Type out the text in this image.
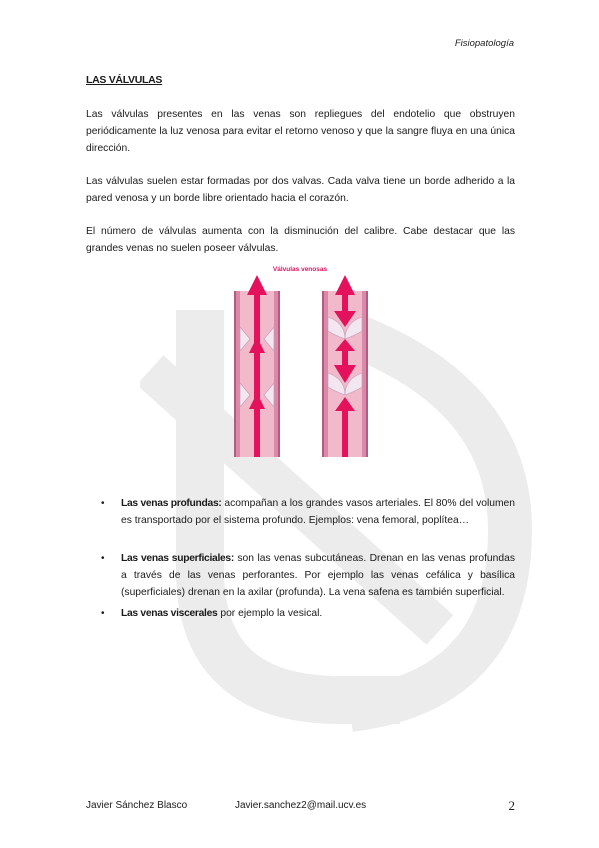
Fisiopatología
LAS VÁLVULAS

Las válvulas presentes en las venas son repliegues del endotelio que obstruyen periódicamente la luz venosa para evitar el retorno venoso y que la sangre fluya en una única dirección.

Las válvulas suelen estar formadas por dos valvas. Cada valva tiene un borde adherido a la pared venosa y un borde libre orientado hacia el corazón.

El número de válvulas aumenta con la disminución del calibre. Cabe destacar que las grandes venas no suelen poseer válvulas.

Válvulas venosas
• Las venas profundas: acompañan a los grandes vasos arteriales. El 80% del volumen es transportado por el sistema profundo. Ejemplos: vena femoral, poplítea…
• Las venas superficiales: son las venas subcutáneas. Drenan en las venas profundas a través de las venas perforantes. Por ejemplo las venas cefálica y basílica (superficiales) drenan en la axilar (profunda). La vena safena es también superficial.
• Las venas viscerales por ejemplo la vesical.
Javier Sánchez Blasco	Javier.sanchez2@mail.ucv.es	2
